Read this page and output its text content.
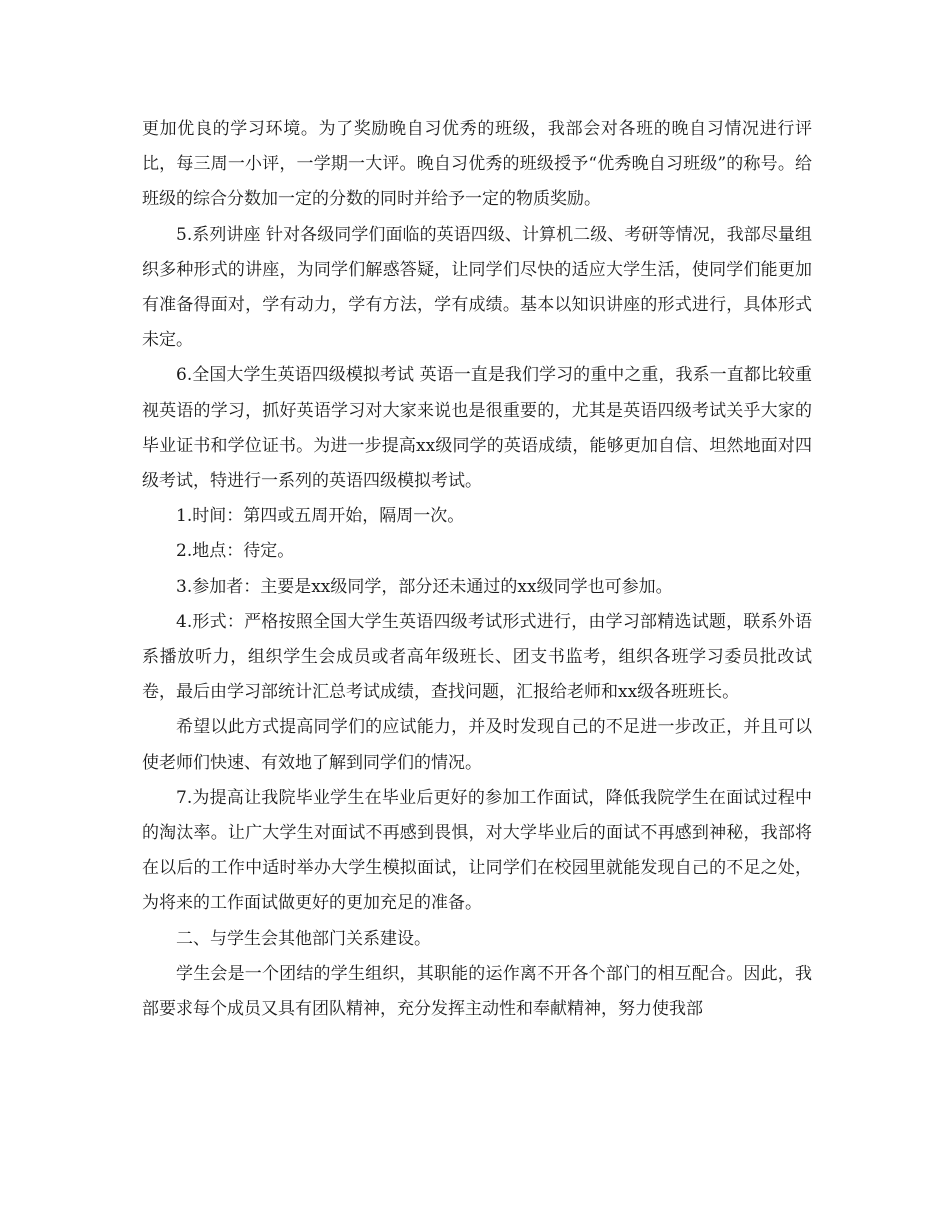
更加优良的学习环境。为了奖励晚自习优秀的班级，我部会对各班的晚自习情况进行评比，每三周一小评，一学期一大评。晚自习优秀的班级授予“优秀晚自习班级”的称号。给班级的综合分数加一定的分数的同时并给予一定的物质奖励。

5.系列讲座 针对各级同学们面临的英语四级、计算机二级、考研等情况，我部尽量组织多种形式的讲座，为同学们解惑答疑，让同学们尽快的适应大学生活，使同学们能更加有准备得面对，学有动力，学有方法，学有成绩。基本以知识讲座的形式进行，具体形式未定。

6.全国大学生英语四级模拟考试 英语一直是我们学习的重中之重，我系一直都比较重视英语的学习，抓好英语学习对大家来说也是很重要的，尤其是英语四级考试关乎大家的毕业证书和学位证书。为进一步提高xx级同学的英语成绩，能够更加自信、坦然地面对四级考试，特进行一系列的英语四级模拟考试。

1.时间：第四或五周开始，隔周一次。

2.地点：待定。

3.参加者：主要是xx级同学，部分还未通过的xx级同学也可参加。

4.形式：严格按照全国大学生英语四级考试形式进行，由学习部精选试题，联系外语系播放听力，组织学生会成员或者高年级班长、团支书监考，组织各班学习委员批改试卷，最后由学习部统计汇总考试成绩，查找问题，汇报给老师和xx级各班班长。

希望以此方式提高同学们的应试能力，并及时发现自己的不足进一步改正，并且可以使老师们快速、有效地了解到同学们的情况。

7.为提高让我院毕业学生在毕业后更好的参加工作面试，降低我院学生在面试过程中的淘汰率。让广大学生对面试不再感到畏惧，对大学毕业后的面试不再感到神秘，我部将在以后的工作中适时举办大学生模拟面试，让同学们在校园里就能发现自己的不足之处，为将来的工作面试做更好的更加充足的准备。

二、与学生会其他部门关系建设。

学生会是一个团结的学生组织，其职能的运作离不开各个部门的相互配合。因此，我部要求每个成员又具有团队精神，充分发挥主动性和奉献精神，努力使我部
